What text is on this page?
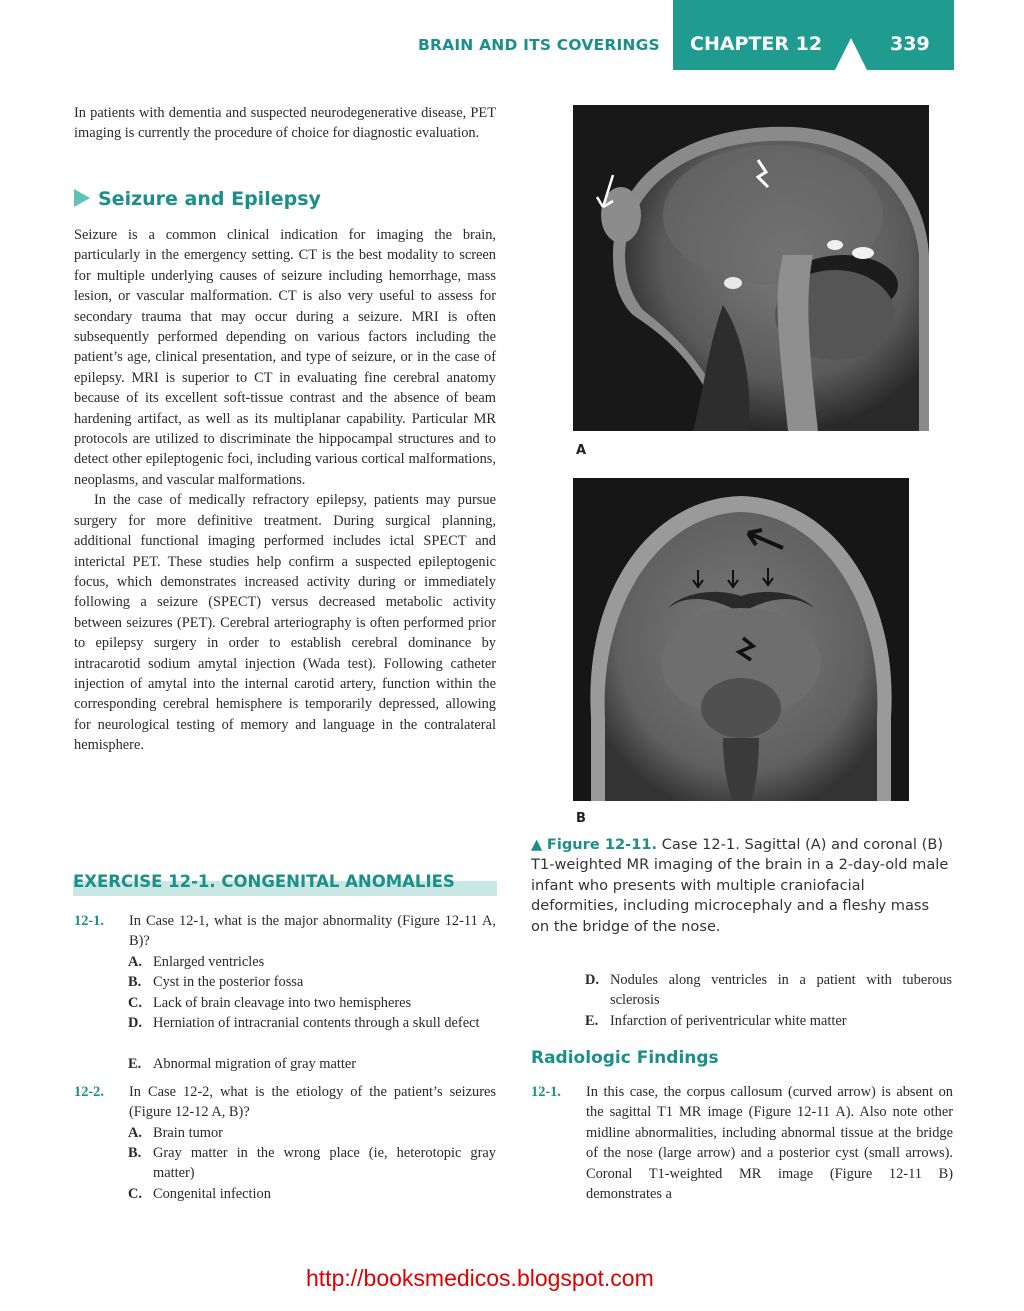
BRAIN AND ITS COVERINGS CHAPTER 12	339

In patients with dementia and suspected neurodegenerative disease, PET imaging is currently the procedure of choice for diagnostic evaluation.

Seizure and Epilepsy

Seizure is a common clinical indication for imaging the brain, particularly in the emergency setting. CT is the best modality to screen for multiple underlying causes of seizure including hemorrhage, mass lesion, or vascular malformation. CT is also very useful to assess for secondary trauma that may occur during a seizure. MRI is often subsequently performed depending on various factors including the patient’s age, clinical presentation, and type of seizure, or in the case of epilepsy. MRI is superior to CT in evaluating fine cerebral anatomy because of its excellent soft-tissue contrast and the absence of beam hardening artifact, as well as its multiplanar capability. Particular MR protocols are utilized to discriminate the hippocampal structures and to detect other epileptogenic foci, including various cortical malformations, neoplasms, and vascular malformations.

In the case of medically refractory epilepsy, patients may pursue surgery for more definitive treatment. During surgical planning, additional functional imaging performed includes ictal SPECT and interictal PET. These studies help confirm a suspected epileptogenic focus, which demonstrates increased activity during or immediately following a seizure (SPECT) versus decreased metabolic activity between seizures (PET). Cerebral arteriography is often performed prior to epilepsy surgery in order to establish cerebral dominance by intracarotid sodium amytal injection (Wada test). Following catheter injection of amytal into the internal carotid artery, function within the corresponding cerebral hemisphere is temporarily depressed, allowing for neurological testing of memory and language in the contralateral hemisphere.

EXERCISE 12-1. CONGENITAL ANOMALIES
12-1. In Case 12-1, what is the major abnormality (Figure 12-11 A, B)?
A. Enlarged ventricles
B. Cyst in the posterior fossa
C. Lack of brain cleavage into two hemispheres
D. Herniation of intracranial contents through a skull defect
E. Abnormal migration of gray matter
12-2. In Case 12-2, what is the etiology of the patient’s seizures (Figure 12-12 A, B)?
A. Brain tumor
B. Gray matter in the wrong place (ie, heterotopic gray matter)
C. Congenital infection
D. Nodules along ventricles in a patient with tuberous sclerosis
E. Infarction of periventricular white matter
A
B
▲ Figure 12-11. Case 12-1. Sagittal (A) and coronal (B) T1-weighted MR imaging of the brain in a 2-day-old male infant who presents with multiple craniofacial deformities, including microcephaly and a fleshy mass on the bridge of the nose.
Radiologic Findings
12-1. In this case, the corpus callosum (curved arrow) is absent on the sagittal T1 MR image (Figure 12-11 A). Also note other midline abnormalities, including abnormal tissue at the bridge of the nose (large arrow) and a posterior cyst (small arrows). Coronal T1-weighted MR image (Figure 12-11 B) demonstrates a
http://booksmedicos.blogspot.com
